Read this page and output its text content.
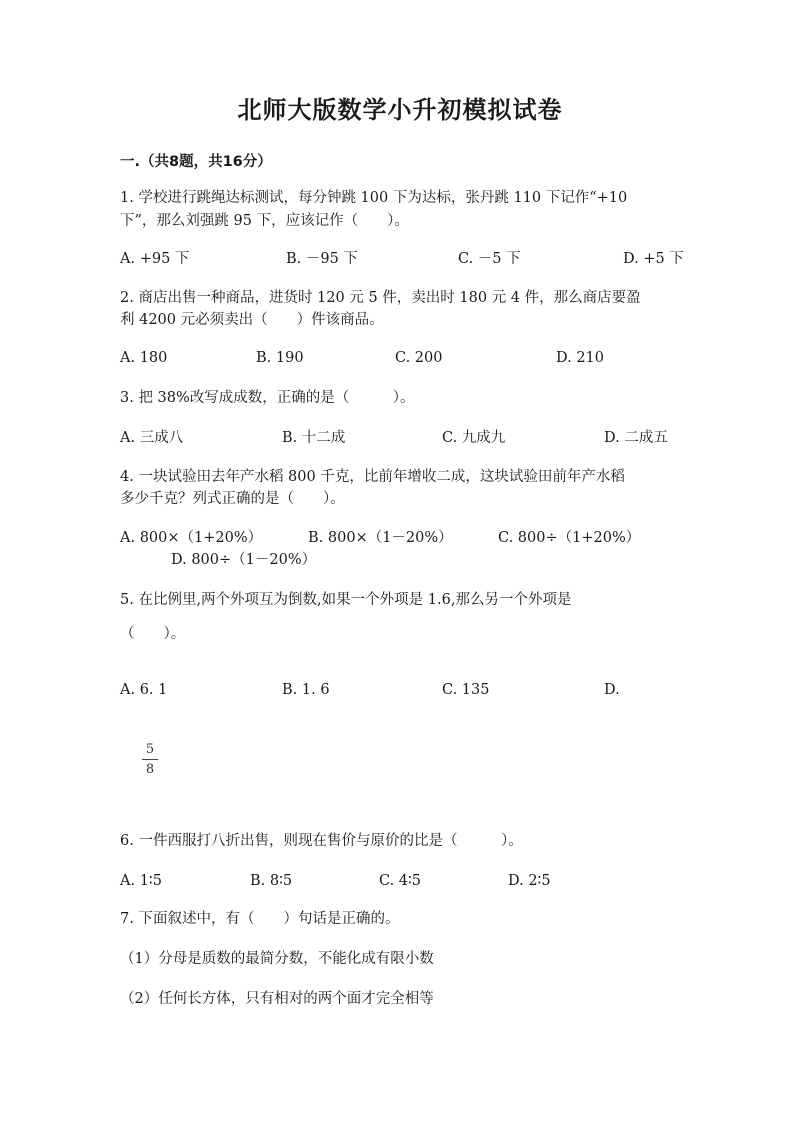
北师大版数学小升初模拟试卷
一.（共8题，共16分）
1. 学校进行跳绳达标测试，每分钟跳 100 下为达标，张丹跳 110 下记作“+10
下”，那么刘强跳 95 下，应该记作（　　）。
A. +95 下	B. －95 下	C. －5 下	D. +5 下
2. 商店出售一种商品，进货时 120 元 5 件，卖出时 180 元 4 件，那么商店要盈
利 4200 元必须卖出（　　）件该商品。
A. 180	B. 190	C. 200	D. 210
3. 把 38%改写成成数，正确的是（　　　）。
A. 三成八	B. 十二成	C. 九成九	D. 二成五
4. 一块试验田去年产水稻 800 千克，比前年增收二成，这块试验田前年产水稻
多少千克？列式正确的是（　　）。
A. 800×（1+20%）	B. 800×（1－20%）	C. 800÷（1+20%）
D. 800÷（1－20%）
5. 在比例里,两个外项互为倒数,如果一个外项是 1.6,那么另一个外项是
（　　）。
A. 6. 1	B. 1. 6	C. 135	D.
5
8
6. 一件西服打八折出售，则现在售价与原价的比是（　　　）。
A. 1∶5	B. 8∶5	C. 4∶5	D. 2∶5
7. 下面叙述中，有（　　）句话是正确的。
（1）分母是质数的最简分数，不能化成有限小数
（2）任何长方体，只有相对的两个面才完全相等
